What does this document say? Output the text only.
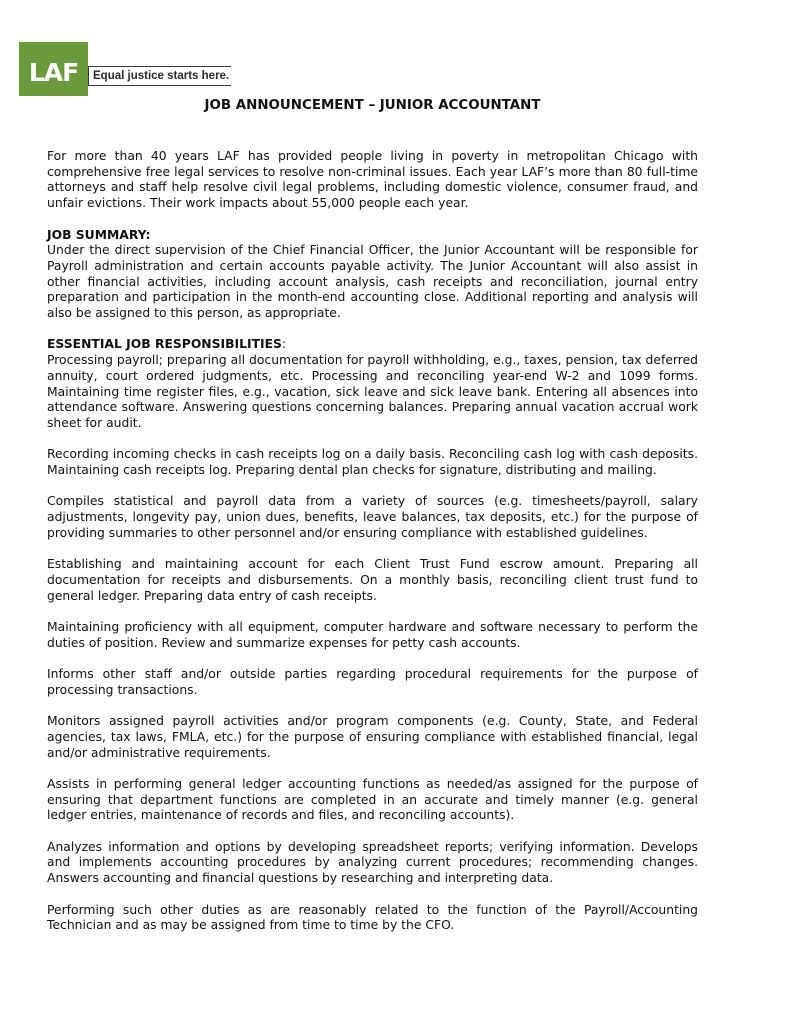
LAF	Equal justice starts here.
JOB ANNOUNCEMENT – JUNIOR ACCOUNTANT

For more than 40 years LAF has provided people living in poverty in metropolitan Chicago with comprehensive free legal services to resolve non-criminal issues. Each year LAF’s more than 80 full-time attorneys and staff help resolve civil legal problems, including domestic violence, consumer fraud, and unfair evictions. Their work impacts about 55,000 people each year.

JOB SUMMARY:
Under the direct supervision of the Chief Financial Officer, the Junior Accountant will be responsible for Payroll administration and certain accounts payable activity. The Junior Accountant will also assist in other financial activities, including account analysis, cash receipts and reconciliation, journal entry preparation and participation in the month-end accounting close. Additional reporting and analysis will also be assigned to this person, as appropriate.

ESSENTIAL JOB RESPONSIBILITIES:
Processing payroll; preparing all documentation for payroll withholding, e.g., taxes, pension, tax deferred annuity, court ordered judgments, etc. Processing and reconciling year-end W-2 and 1099 forms. Maintaining time register files, e.g., vacation, sick leave and sick leave bank. Entering all absences into attendance software. Answering questions concerning balances. Preparing annual vacation accrual work sheet for audit.

Recording incoming checks in cash receipts log on a daily basis. Reconciling cash log with cash deposits. Maintaining cash receipts log. Preparing dental plan checks for signature, distributing and mailing.

Compiles statistical and payroll data from a variety of sources (e.g. timesheets/payroll, salary adjustments, longevity pay, union dues, benefits, leave balances, tax deposits, etc.) for the purpose of providing summaries to other personnel and/or ensuring compliance with established guidelines.

Establishing and maintaining account for each Client Trust Fund escrow amount. Preparing all documentation for receipts and disbursements. On a monthly basis, reconciling client trust fund to general ledger. Preparing data entry of cash receipts.

Maintaining proficiency with all equipment, computer hardware and software necessary to perform the duties of position. Review and summarize expenses for petty cash accounts.

Informs other staff and/or outside parties regarding procedural requirements for the purpose of processing transactions.

Monitors assigned payroll activities and/or program components (e.g. County, State, and Federal agencies, tax laws, FMLA, etc.) for the purpose of ensuring compliance with established financial, legal and/or administrative requirements.

Assists in performing general ledger accounting functions as needed/as assigned for the purpose of ensuring that department functions are completed in an accurate and timely manner (e.g. general ledger entries, maintenance of records and files, and reconciling accounts).

Analyzes information and options by developing spreadsheet reports; verifying information. Develops and implements accounting procedures by analyzing current procedures; recommending changes. Answers accounting and financial questions by researching and interpreting data.

Performing such other duties as are reasonably related to the function of the Payroll/Accounting Technician and as may be assigned from time to time by the CFO.
